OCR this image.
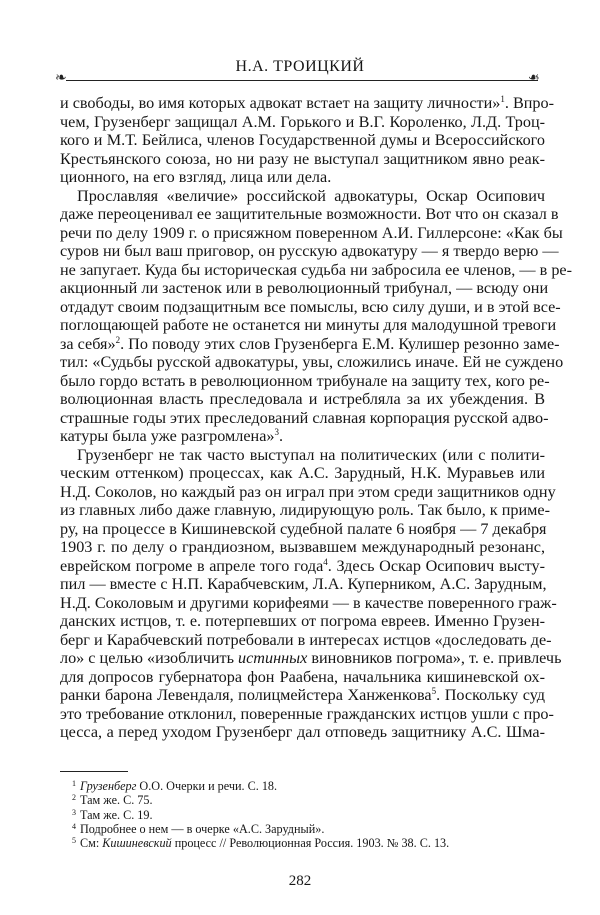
Н.А. ТРОИЦКИЙ
❧	❧
и свободы, во имя которых адвокат встает на защиту личности»$^1$. Впро-
чем, Грузенберг защищал А.М. Горького и В.Г. Короленко, Л.Д. Троц-
кого и М.Т. Бейлиса, членов Государственной думы и Всероссийского
Крестьянского союза, но ни разу не выступал защитником явно реак-
ционного, на его взгляд, лица или дела.
Прославляя «величие» российской адвокатуры, Оскар Осипович
даже переоценивал ее защитительные возможности. Вот что он сказал в
речи по делу 1909 г. о присяжном поверенном А.И. Гиллерсоне: «Как бы
суров ни был ваш приговор, он русскую адвокатуру — я твердо верю —
не запугает. Куда бы историческая судьба ни забросила ее членов, — в ре-
акционный ли застенок или в революционный трибунал, — всюду они
отдадут своим подзащитным все помыслы, всю силу души, и в этой все-
поглощающей работе не останется ни минуты для малодушной тревоги
за себя»$^2$. По поводу этих слов Грузенберга Е.М. Кулишер резонно заме-
тил: «Судьбы русской адвокатуры, увы, сложились иначе. Ей не суждено
было гордо встать в революционном трибунале на защиту тех, кого ре-
волюционная власть преследовала и истребляла за их убеждения. В
страшные годы этих преследований славная корпорация русской адво-
катуры была уже разгромлена»$^3$.
Грузенберг не так часто выступал на политических (или с полити-
ческим оттенком) процессах, как А.С. Зарудный, Н.К. Муравьев или
Н.Д. Соколов, но каждый раз он играл при этом среди защитников одну
из главных либо даже главную, лидирующую роль. Так было, к приме-
ру, на процессе в Кишиневской судебной палате 6 ноября — 7 декабря
1903 г. по делу о грандиозном, вызвавшем международный резонанс,
еврейском погроме в апреле того года$^4$. Здесь Оскар Осипович высту-
пил — вместе с Н.П. Карабчевским, Л.А. Куперником, А.С. Зарудным,
Н.Д. Соколовым и другими корифеями — в качестве поверенного граж-
данских истцов, т. е. потерпевших от погрома евреев. Именно Грузен-
берг и Карабчевский потребовали в интересах истцов «доследовать де-
ло» с целью «изобличить истинных виновников погрома», т. е. привлечь
для допросов губернатора фон Раабена, начальника кишиневской ох-
ранки барона Левендаля, полицмейстера Ханженкова$^5$. Поскольку суд
это требование отклонил, поверенные гражданских истцов ушли с про-
цесса, а перед уходом Грузенберг дал отповедь защитнику А.С. Шма-
$^1$ Грузенберг О.О. Очерки и речи. С. 18.
$^2$ Там же. С. 75.
$^3$ Там же. С. 19.
$^4$ Подробнее о нем — в очерке «А.С. Зарудный».
$^5$ См: Кишиневский процесс // Революционная Россия. 1903. № 38. С. 13.
282
